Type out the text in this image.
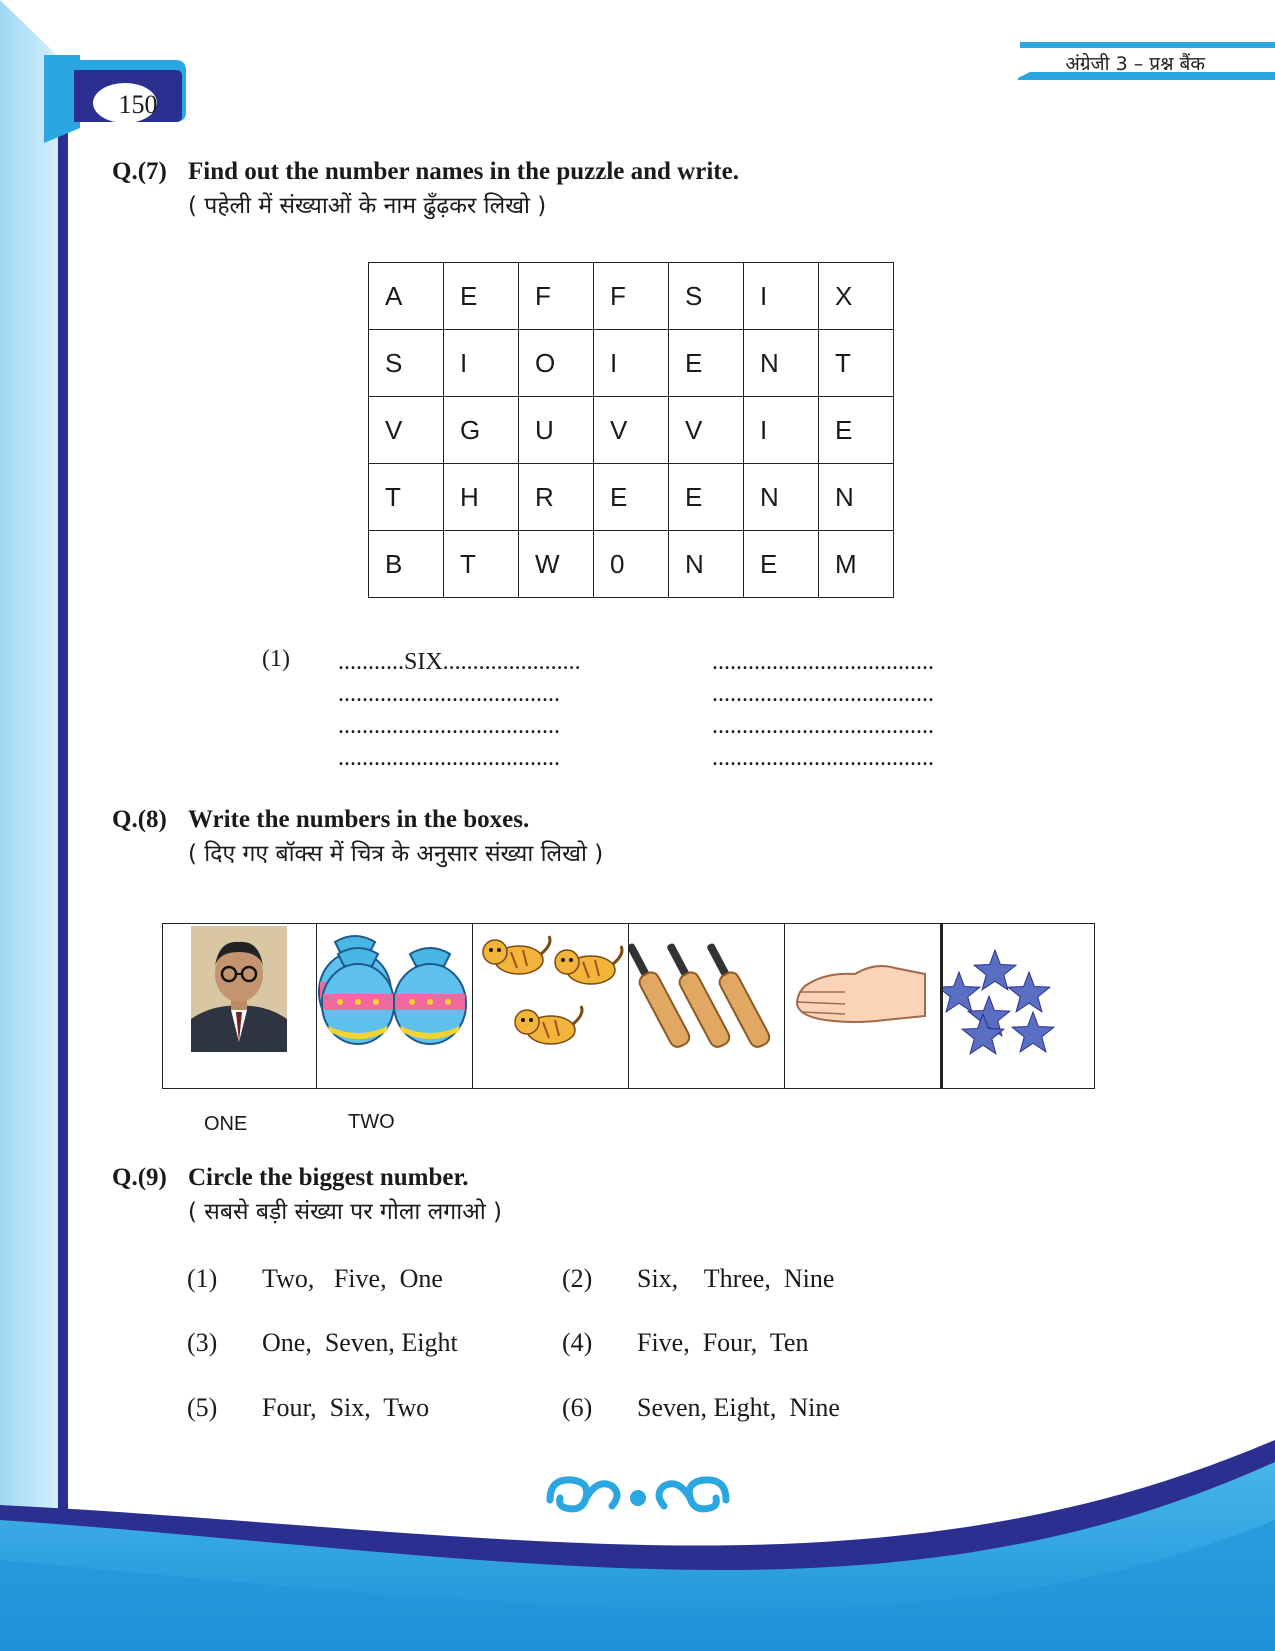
अंग्रेजी 3 – प्रश्न बैंक
150
Q.(7) Find out the number names in the puzzle and write.
( पहेली में संख्याओं के नाम ढुँढ़कर लिखो )
A	E	F	F	S	I	X
S	I	O	I	E	N	T
V	G	U	V	V	I	E
T	H	R	E	E	N	N
B	T	W	0	N	E	M
(1) ...........SIX.......................
.....................................
.....................................
.....................................
.....................................
.....................................
.....................................
.....................................
Q.(8) Write the numbers in the boxes.
( दिए गए बॉक्स में चित्र के अनुसार संख्या लिखो )
ONE	TWO
Q.(9) Circle the biggest number.
( सबसे बड़ी संख्या पर गोला लगाओ )
(1) Two,   Five,  One	(2) Six,    Three,  Nine
(3) One,  Seven, Eight	(4) Five,  Four,  Ten
(5) Four,  Six,  Two	(6) Seven, Eight,  Nine
